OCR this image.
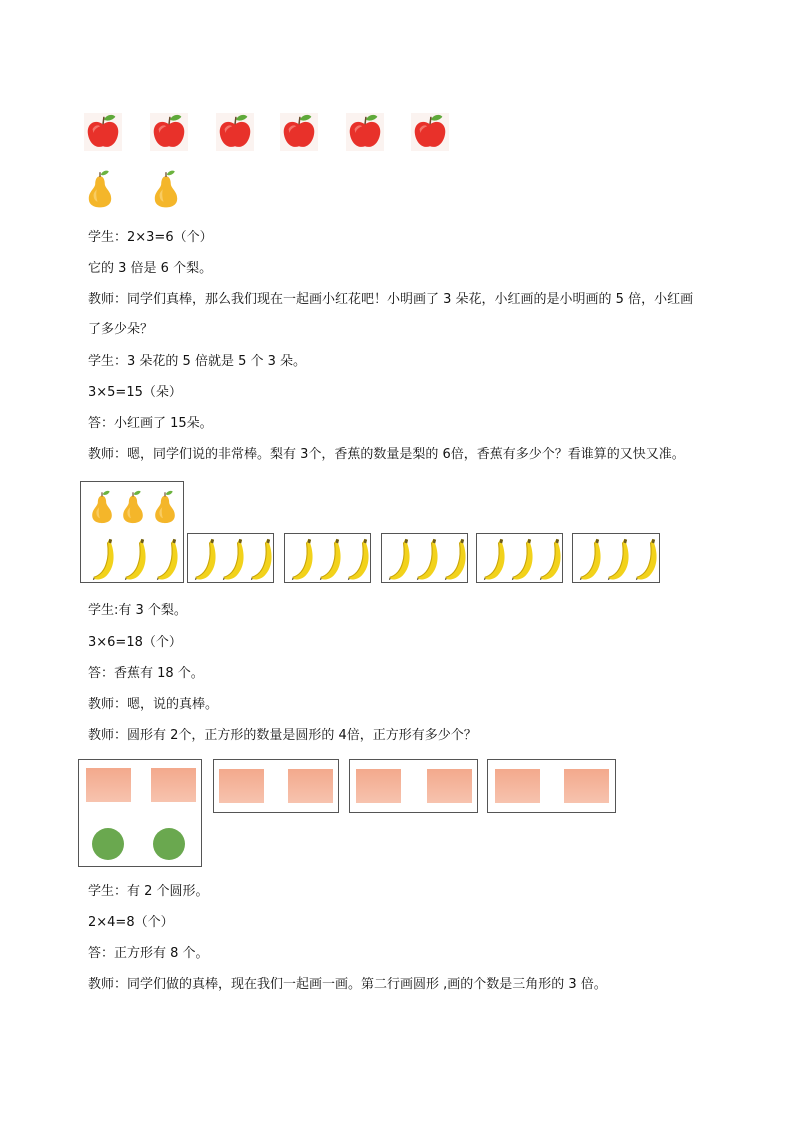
学生：2×3=6（个）
它的 3 倍是 6 个梨。
教师：同学们真棒，那么我们现在一起画小红花吧！小明画了 3 朵花，小红画的是小明画的 5 倍，小红画
了多少朵？
学生：3 朵花的 5 倍就是 5 个 3 朵。
3×5=15（朵）
答：小红画了 15朵。
教师：嗯，同学们说的非常棒。梨有 3个，香蕉的数量是梨的 6倍，香蕉有多少个？看谁算的又快又准。
学生:有 3 个梨。
3×6=18（个）
答：香蕉有 18 个。
教师：嗯，说的真棒。
教师：圆形有 2个，正方形的数量是圆形的 4倍，正方形有多少个？
学生：有 2 个圆形。
2×4=8（个）
答：正方形有 8 个。
教师：同学们做的真棒，现在我们一起画一画。第二行画圆形 ,画的个数是三角形的 3 倍。
